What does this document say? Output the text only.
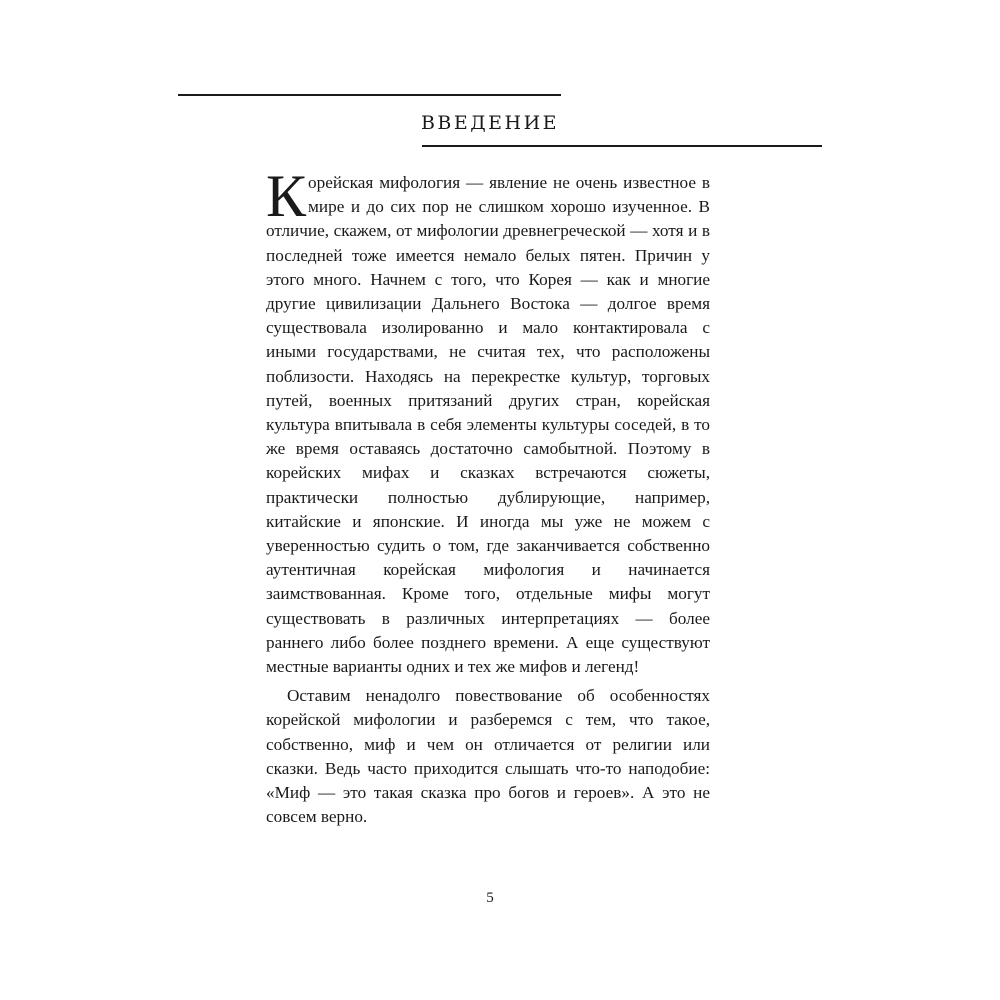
ВВЕДЕНИЕ

Корейская мифология — явление не очень известное в мире и до сих пор не слишком хорошо изученное. В отличие, скажем, от мифологии древнегреческой — хотя и в последней тоже имеется немало белых пятен. Причин у этого много. Начнем с того, что Корея — как и многие другие цивилизации Дальнего Востока — долгое время существовала изолированно и мало контактировала с иными государствами, не считая тех, что расположены поблизости. Находясь на перекрестке культур, торговых путей, военных притязаний других стран, корейская культура впитывала в себя элементы культуры соседей, в то же время оставаясь достаточно самобытной. Поэтому в корейских мифах и сказках встречаются сюжеты, практически полностью дублирующие, например, китайские и японские. И иногда мы уже не можем с уверенностью судить о том, где заканчивается собственно аутентичная корейская мифология и начинается заимствованная. Кроме того, отдельные мифы могут существовать в различных интерпретациях — более раннего либо более позднего времени. А еще существуют местные варианты одних и тех же мифов и легенд!

Оставим ненадолго повествование об особенностях корейской мифологии и разберемся с тем, что такое, собственно, миф и чем он отличается от религии или сказки. Ведь часто приходится слышать что-то наподобие: «Миф — это такая сказка про богов и героев». А это не совсем верно.

5
